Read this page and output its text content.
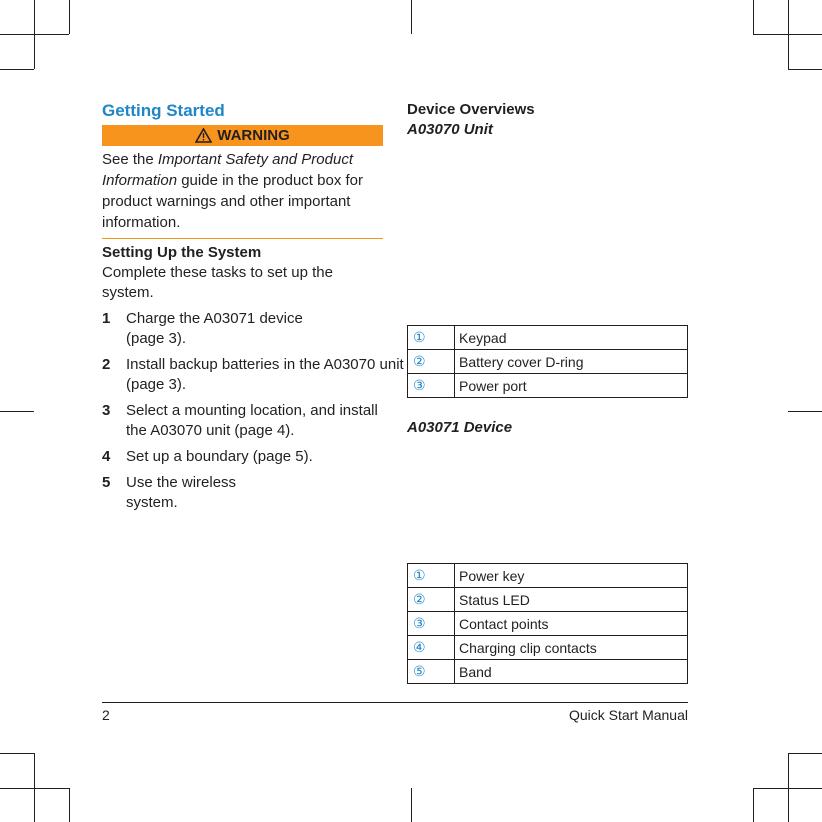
Getting Started
WARNING

See the Important Safety and Product Information guide in the product box for product warnings and other important information.

Setting Up the System

Complete these tasks to set up the system.

1	Charge the A03071 device (page 3).
2	Install backup batteries in the A03070 unit (page 3).
3	Select a mounting location, and install the A03070 unit (page 4).
4	Set up a boundary (page 5).
5	Use the wireless system.
Device Overviews
A03070 Unit
①	Keypad
②	Battery cover D-ring
③	Power port
A03071 Device
①	Power key
②	Status LED
③	Contact points
④	Charging clip contacts
⑤	Band
2	Quick Start Manual
